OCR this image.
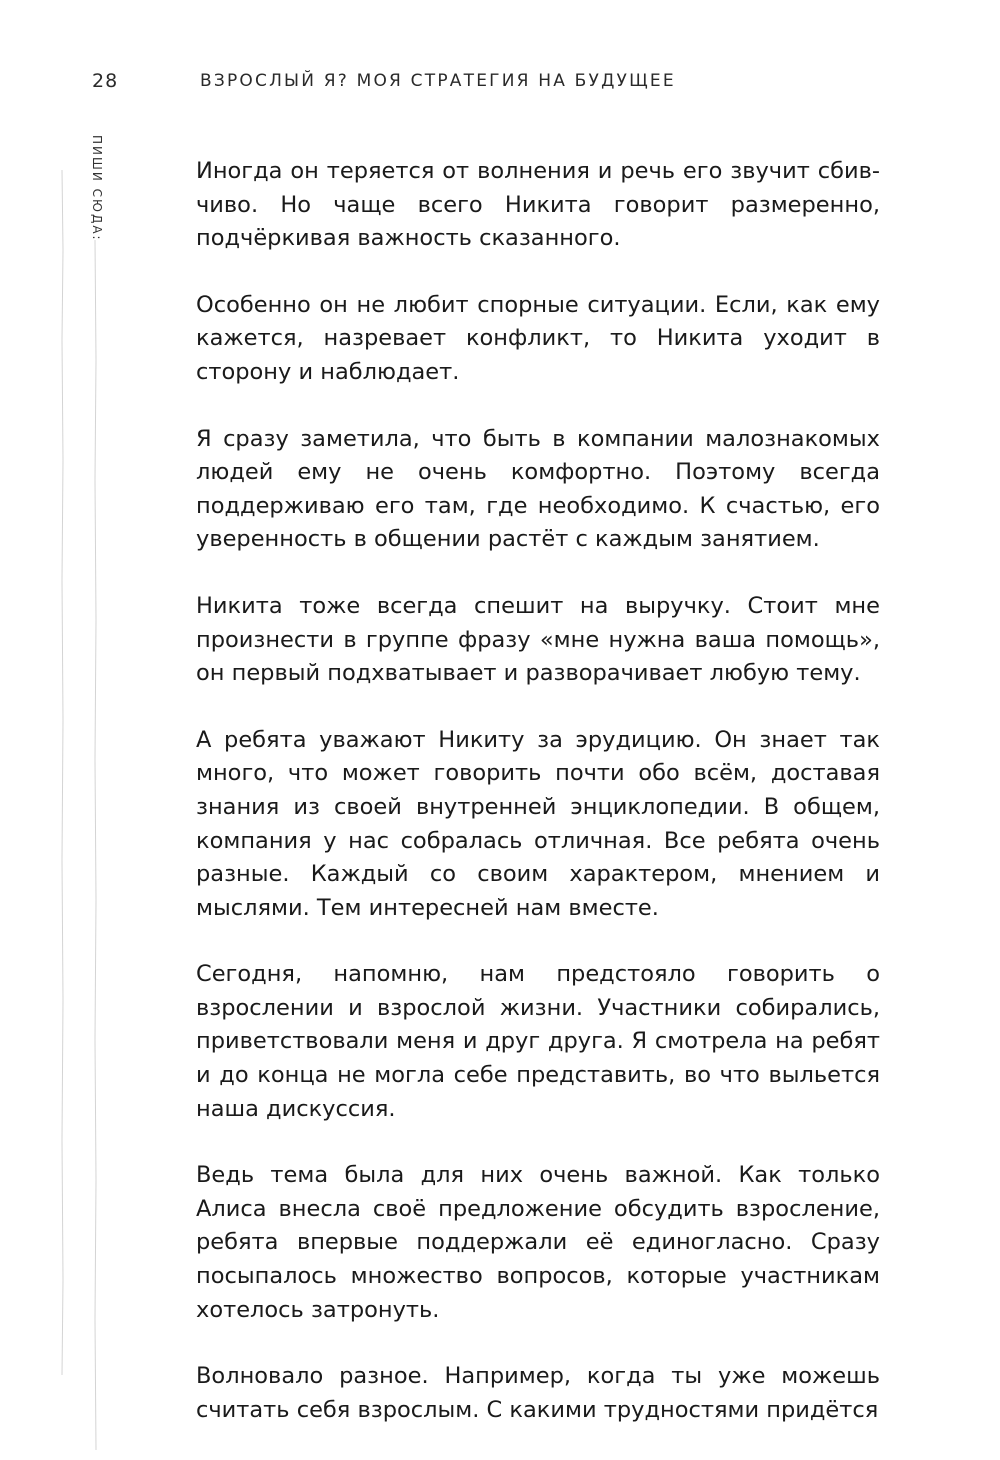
28	ВЗРОСЛЫЙ Я? МОЯ СТРАТЕГИЯ НА БУДУЩЕЕ
ПИШИ СЮДА:	Иногда он теряется от волнения и речь его звучит сбивчиво. Но чаще всего Никита говорит размеренно, подчёркивая важность сказанного.

Особенно он не любит спорные ситуации. Если, как ему кажется, назревает конфликт, то Никита уходит в сторону и наблюдает.

Я сразу заметила, что быть в компании малознакомых людей ему не очень комфортно. Поэтому всегда поддерживаю его там, где необходимо. К счастью, его уверенность в общении растёт с каждым занятием.

Никита тоже всегда спешит на выручку. Стоит мне произнести в группе фразу «мне нужна ваша помощь», он первый подхватывает и разворачивает любую тему.

А ребята уважают Никиту за эрудицию. Он знает так много, что может говорить почти обо всём, доставая знания из своей внутренней энциклопедии. В общем, компания у нас собралась отличная. Все ребята очень разные. Каждый со своим характером, мнением и мыслями. Тем интересней нам вместе.

Сегодня, напомню, нам предстояло говорить о взрослении и взрослой жизни. Участники собирались, приветствовали меня и друг друга. Я смотрела на ребят и до конца не могла себе представить, во что выльется наша дискуссия.

Ведь тема была для них очень важной. Как только Алиса внесла своё предложение обсудить взросление, ребята впервые поддержали её единогласно. Сразу посыпалось множество вопросов, которые участникам хотелось затронуть.

Волновало разное. Например, когда ты уже можешь считать себя взрослым. С какими трудностями придётся
